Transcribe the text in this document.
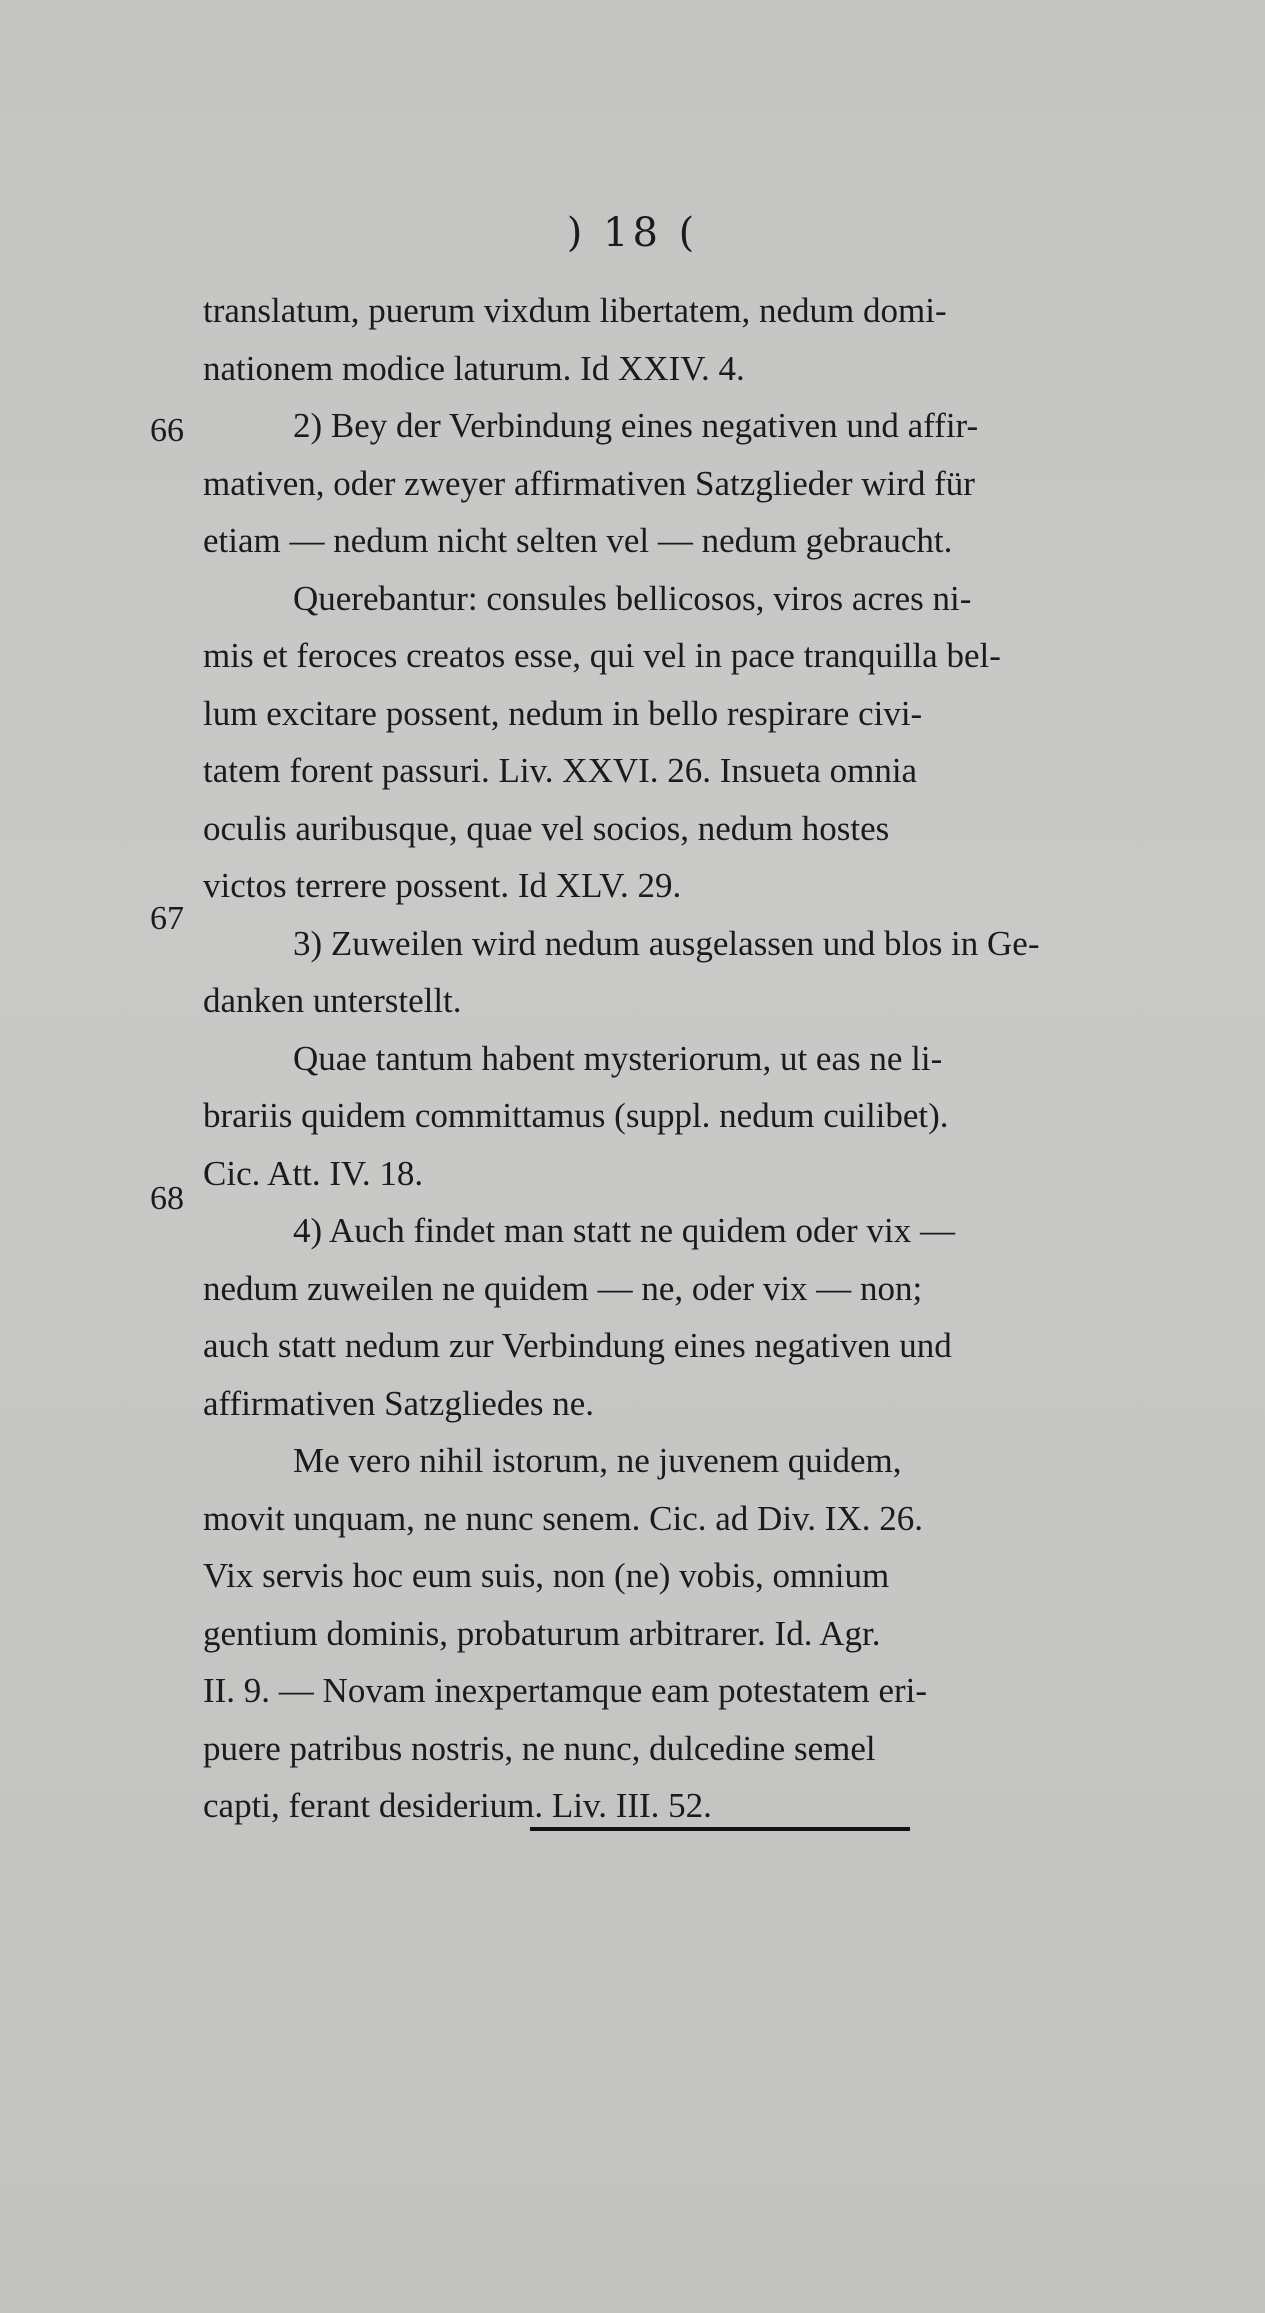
) 18 (
66
67
68
translatum, puerum vixdum libertatem, nedum domi-
nationem modice laturum. Id XXIV. 4.
2) Bey der Verbindung eines negativen und affir-
mativen, oder zweyer affirmativen Satzglieder wird für
etiam — nedum nicht selten vel — nedum gebraucht.
Querebantur: consules bellicosos, viros acres ni-
mis et feroces creatos esse, qui vel in pace tranquilla bel-
lum excitare possent, nedum in bello respirare civi-
tatem forent passuri. Liv. XXVI. 26. Insueta omnia
oculis auribusque, quae vel socios, nedum hostes
victos terrere possent. Id XLV. 29.
3) Zuweilen wird nedum ausgelassen und blos in Ge-
danken unterstellt.
Quae tantum habent mysteriorum, ut eas ne li-
brariis quidem committamus (suppl. nedum cuilibet).
Cic. Att. IV. 18.
4) Auch findet man statt ne quidem oder vix —
nedum zuweilen ne quidem — ne, oder vix — non;
auch statt nedum zur Verbindung eines negativen und
affirmativen Satzgliedes ne.
Me vero nihil istorum, ne juvenem quidem,
movit unquam, ne nunc senem. Cic. ad Div. IX. 26.
Vix servis hoc eum suis, non (ne) vobis, omnium
gentium dominis, probaturum arbitrarer. Id. Agr.
II. 9. — Novam inexpertamque eam potestatem eri-
puere patribus nostris, ne nunc, dulcedine semel
capti, ferant desiderium. Liv. III. 52.
